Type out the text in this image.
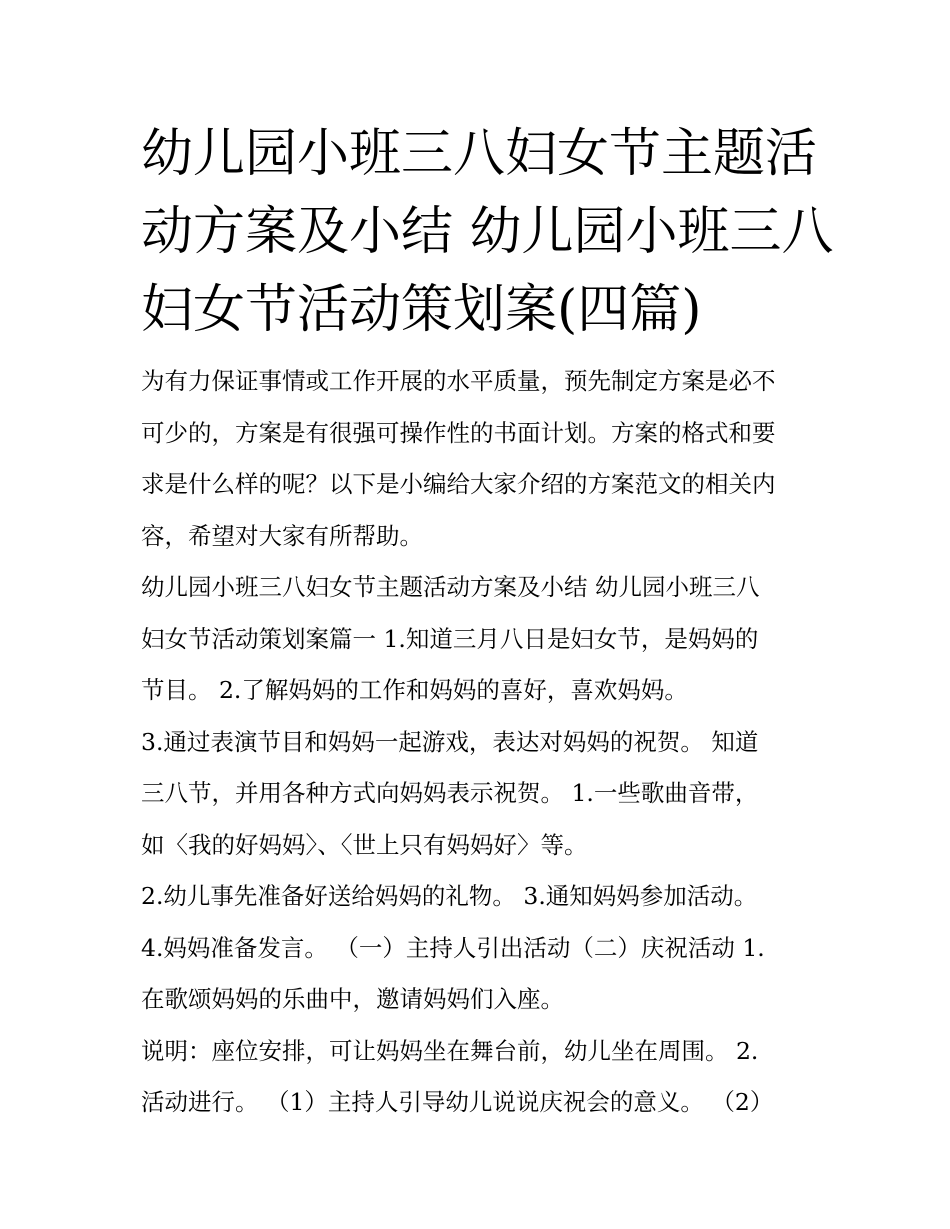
幼儿园小班三八妇女节主题活
动方案及小结 幼儿园小班三八
妇女节活动策划案(四篇)
为有力保证事情或工作开展的水平质量，预先制定方案是必不
可少的，方案是有很强可操作性的书面计划。方案的格式和要
求是什么样的呢？以下是小编给大家介绍的方案范文的相关内
容，希望对大家有所帮助。
幼儿园小班三八妇女节主题活动方案及小结 幼儿园小班三八
妇女节活动策划案篇一 1.知道三月八日是妇女节，是妈妈的
节目。 2.了解妈妈的工作和妈妈的喜好，喜欢妈妈。
3.通过表演节目和妈妈一起游戏，表达对妈妈的祝贺。 知道
三八节，并用各种方式向妈妈表示祝贺。 1.一些歌曲音带，
如〈我的好妈妈〉、〈世上只有妈妈好〉等。
2.幼儿事先准备好送给妈妈的礼物。 3.通知妈妈参加活动。
4.妈妈准备发言。 （一）主持人引出活动（二）庆祝活动 1.
在歌颂妈妈的乐曲中，邀请妈妈们入座。
说明：座位安排，可让妈妈坐在舞台前，幼儿坐在周围。 2.
活动进行。 （1）主持人引导幼儿说说庆祝会的意义。 （2）
